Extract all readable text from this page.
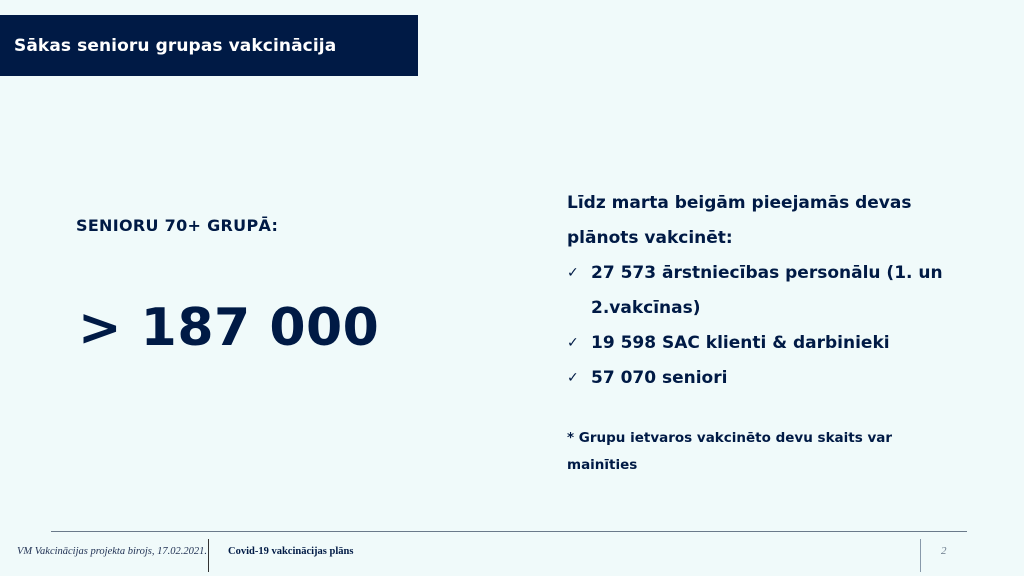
Sākas senioru grupas vakcinācija
SENIORU 70+ GRUPĀ:
> 187 000

Līdz marta beigām pieejamās devas plānots vakcinēt:

✓ 27 573 ārstniecības personālu (1. un 2.vakcīnas)
✓ 19 598 SAC klienti & darbinieki
✓ 57 070 seniori
* Grupu ietvaros vakcinēto devu skaits var mainīties
VM Vakcinācijas projekta birojs, 17.02.2021. Covid-19 vakcinācijas plāns	2
